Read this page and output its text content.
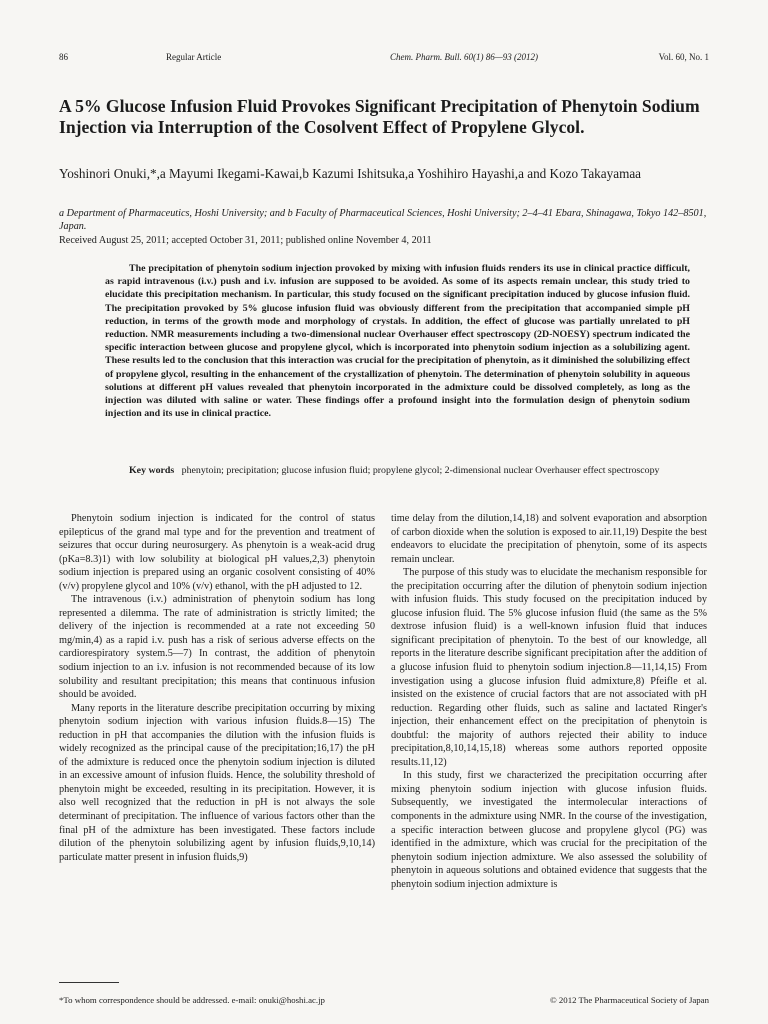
86	Regular Article	Chem. Pharm. Bull. 60(1) 86—93 (2012)	Vol. 60, No. 1
A 5% Glucose Infusion Fluid Provokes Significant Precipitation of Phenytoin Sodium Injection via Interruption of the Cosolvent Effect of Propylene Glycol.
Yoshinori Onuki,*,a Mayumi Ikegami-Kawai,b Kazumi Ishitsuka,a Yoshihiro Hayashi,a and Kozo Takayamaa
a Department of Pharmaceutics, Hoshi University; and b Faculty of Pharmaceutical Sciences, Hoshi University; 2–4–41 Ebara, Shinagawa, Tokyo 142–8501, Japan.
Received August 25, 2011; accepted October 31, 2011; published online November 4, 2011

The precipitation of phenytoin sodium injection provoked by mixing with infusion fluids renders its use in clinical practice difficult, as rapid intravenous (i.v.) push and i.v. infusion are supposed to be avoided. As some of its aspects remain unclear, this study tried to elucidate this precipitation mechanism. In particular, this study focused on the significant precipitation induced by glucose infusion fluid. The precipitation provoked by 5% glucose infusion fluid was obviously different from the precipitation that accompanied simple pH reduction, in terms of the growth mode and morphology of crystals. In addition, the effect of glucose was partially unrelated to pH reduction. NMR measurements including a two-dimensional nuclear Overhauser effect spectroscopy (2D-NOESY) spectrum indicated the specific interaction between glucose and propylene glycol, which is incorporated into phenytoin sodium injection as a solubilizing agent. These results led to the conclusion that this interaction was crucial for the precipitation of phenytoin, as it diminished the solubilizing effect of propylene glycol, resulting in the enhancement of the crystallization of phenytoin. The determination of phenytoin solubility in aqueous solutions at different pH values revealed that phenytoin incorporated in the admixture could be dissolved completely, as long as the injection was diluted with saline or water. These findings offer a profound insight into the formulation design of phenytoin sodium injection and its use in clinical practice.

Key words phenytoin; precipitation; glucose infusion fluid; propylene glycol; 2-dimensional nuclear Overhauser effect spectroscopy

Phenytoin sodium injection is indicated for the control of status epilepticus of the grand mal type and for the prevention and treatment of seizures that occur during neurosurgery. As phenytoin is a weak-acid drug (pKa=8.3)1) with low solubility at biological pH values,2,3) phenytoin sodium injection is prepared using an organic cosolvent consisting of 40% (v/v) propylene glycol and 10% (v/v) ethanol, with the pH adjusted to 12.

The intravenous (i.v.) administration of phenytoin sodium has long represented a dilemma. The rate of administration is strictly limited; the delivery of the injection is recommended at a rate not exceeding 50 mg/min,4) as a rapid i.v. push has a risk of serious adverse effects on the cardiorespiratory system.5—7) In contrast, the addition of phenytoin sodium injection to an i.v. infusion is not recommended because of its low solubility and resultant precipitation; this means that continuous infusion should be avoided.

Many reports in the literature describe precipitation occurring by mixing phenytoin sodium injection with various infusion fluids.8—15) The reduction in pH that accompanies the dilution with the infusion fluids is widely recognized as the principal cause of the precipitation;16,17) the pH of the admixture is reduced once the phenytoin sodium injection is diluted in an excessive amount of infusion fluids. Hence, the solubility threshold of phenytoin might be exceeded, resulting in its precipitation. However, it is also well recognized that the reduction in pH is not always the sole determinant of precipitation. The influence of various factors other than the final pH of the admixture has been investigated. These factors include dilution of the phenytoin solubilizing agent by infusion fluids,9,10,14) particulate matter present in infusion fluids,9)

time delay from the dilution,14,18) and solvent evaporation and absorption of carbon dioxide when the solution is exposed to air.11,19) Despite the best endeavors to elucidate the precipitation of phenytoin, some of its aspects remain unclear.

The purpose of this study was to elucidate the mechanism responsible for the precipitation occurring after the dilution of phenytoin sodium injection with infusion fluids. This study focused on the precipitation induced by glucose infusion fluid. The 5% glucose infusion fluid (the same as the 5% dextrose infusion fluid) is a well-known infusion fluid that induces significant precipitation of phenytoin. To the best of our knowledge, all reports in the literature describe significant precipitation after the addition of a glucose infusion fluid to phenytoin sodium injection.8—11,14,15) From investigation using a glucose infusion fluid admixture,8) Pfeifle et al. insisted on the existence of crucial factors that are not associated with pH reduction. Regarding other fluids, such as saline and lactated Ringer's injection, their enhancement effect on the precipitation of phenytoin is doubtful: the majority of authors rejected their ability to induce precipitation,8,10,14,15,18) whereas some authors reported opposite results.11,12)

In this study, first we characterized the precipitation occurring after mixing phenytoin sodium injection with glucose infusion fluids. Subsequently, we investigated the intermolecular interactions of components in the admixture using NMR. In the course of the investigation, a specific interaction between glucose and propylene glycol (PG) was identified in the admixture, which was crucial for the precipitation of the phenytoin sodium injection admixture. We also assessed the solubility of phenytoin in aqueous solutions and obtained evidence that suggests that the phenytoin sodium injection admixture is

*To whom correspondence should be addressed. e-mail: onuki@hoshi.ac.jp	© 2012 The Pharmaceutical Society of Japan
